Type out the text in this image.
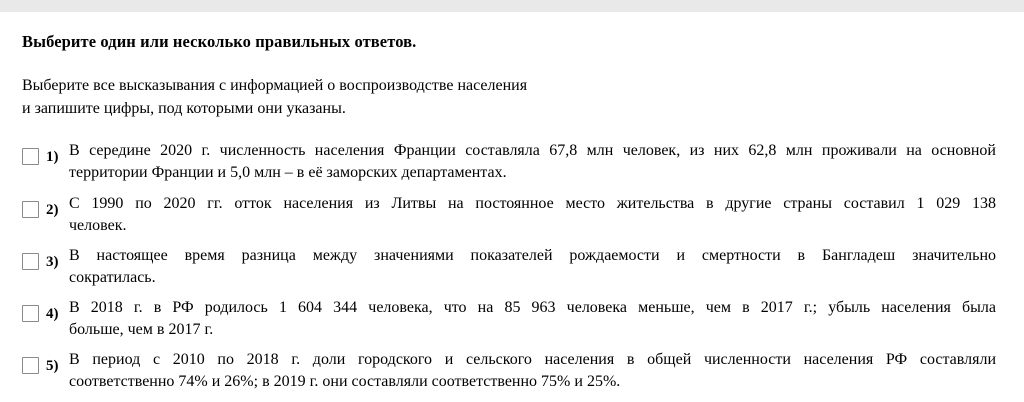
Выберите один или несколько правильных ответов.
Выберите все высказывания с информацией о воспроизводстве населения
и запишите цифры, под которыми они указаны.
1) В середине 2020 г. численность населения Франции составляла 67,8 млн человек, из них 62,8 млн проживали на основной
территории Франции и 5,0 млн – в её заморских департаментах.
2) С 1990 по 2020 гг. отток населения из Литвы на постоянное место жительства в другие страны составил 1 029 138
человек.
3) В настоящее время разница между значениями показателей рождаемости и смертности в Бангладеш значительно
сократилась.
4) В 2018 г. в РФ родилось 1 604 344 человека, что на 85 963 человека меньше, чем в 2017 г.; убыль населения была
больше, чем в 2017 г.
5) В период с 2010 по 2018 г. доли городского и сельского населения в общей численности населения РФ составляли
соответственно 74% и 26%; в 2019 г. они составляли соответственно 75% и 25%.
